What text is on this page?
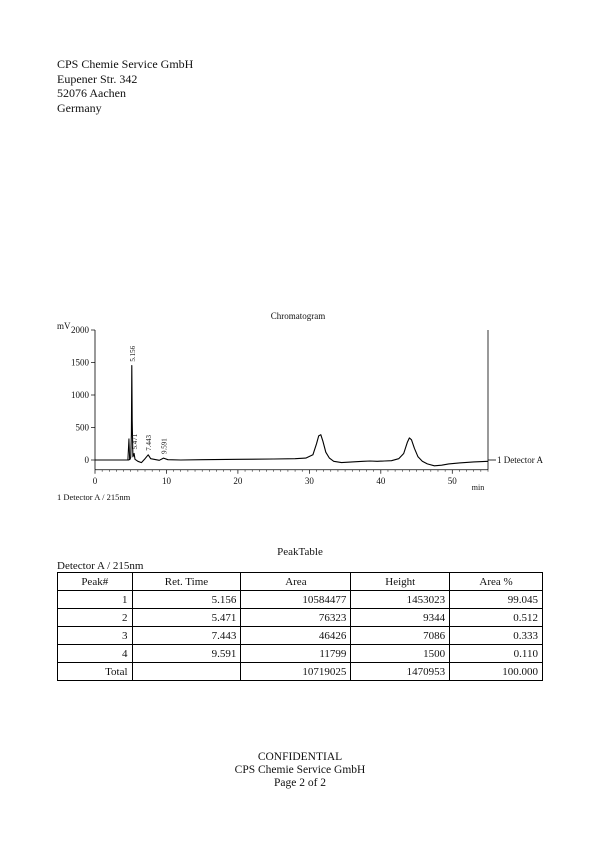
CPS Chemie Service GmbH
Eupener Str. 342
52076 Aachen
Germany
Chromatogram
mV
0
500
1000
1500
2000
0	10	20	30	40	50
min
1 Detector A
5.156
5.471 7.443 9.591
1 Detector A / 215nm
PeakTable
Detector A / 215nm
Peak#	Ret. Time	Area	Height	Area %
1	5.156	10584477	1453023	99.045
2	5.471	76323	9344	0.512
3	7.443	46426	7086	0.333
4	9.591	11799	1500	0.110
Total		10719025	1470953	100.000
CONFIDENTIAL
CPS Chemie Service GmbH
Page 2 of 2
